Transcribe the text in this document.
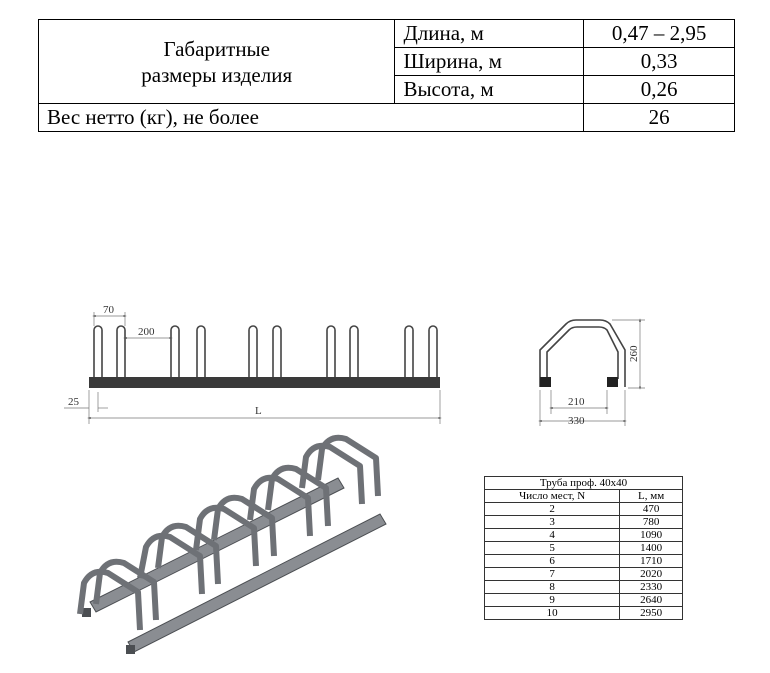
Габаритные
размеры изделия	Длина, м	0,47 – 2,95
	Ширина, м	0,33
	Высота, м	0,26
Вес нетто (кг), не более		26
70
200
25
L
260
210
330
Труба проф. 40х40	
Число мест, N	L, мм
2	470
3	780
4	1090
5	1400
6	1710
7	2020
8	2330
9	2640
10	2950
